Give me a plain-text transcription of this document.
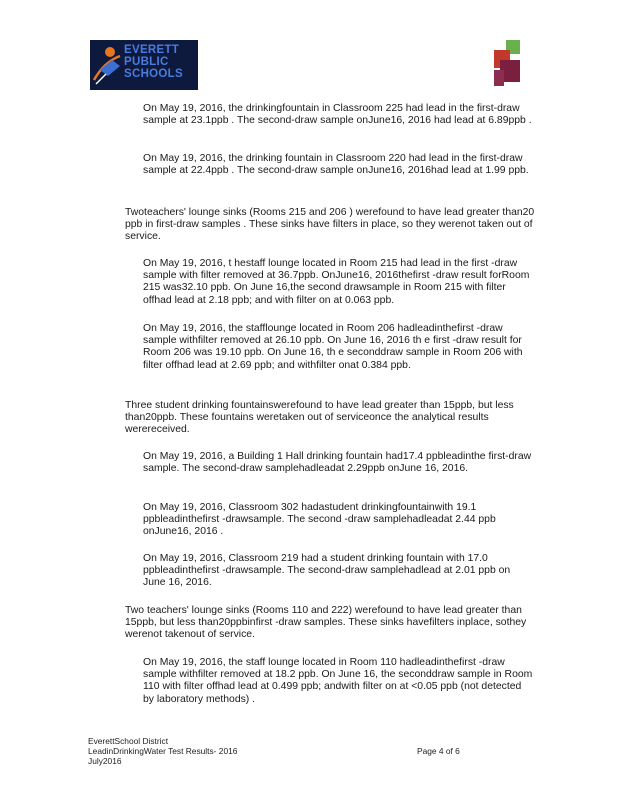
EVERETT
PUBLIC
SCHOOLS
On May 19, 2016, the drinkingfountain in Classroom 225 had lead in the first-draw sample at 23.1ppb . The second-draw sample onJune16, 2016 had lead at 6.89ppb .
On May 19, 2016, the drinking fountain in Classroom 220 had lead in the first-draw sample at 22.4ppb . The second-draw sample onJune16, 2016had lead at 1.99 ppb.
Twoteachers' lounge sinks (Rooms 215 and 206 ) werefound to have lead greater than20 ppb in first-draw samples . These sinks have filters in place, so they werenot taken out of service.
On May 19, 2016, t hestaff lounge located in Room 215 had lead in the first -draw sample with filter removed at 36.7ppb. OnJune16, 2016thefirst -draw result forRoom 215 was32.10 ppb. On June 16,the second drawsample in Room 215 with filter offhad lead at 2.18 ppb; and with filter on at 0.063 ppb.
On May 19, 2016, the stafflounge located in Room 206 hadleadinthefirst -draw sample withfilter removed at 26.10 ppb. On June 16, 2016 th e first -draw result for Room 206 was 19.10 ppb. On June 16, th e seconddraw sample in Room 206 with filter offhad lead at 2.69 ppb; and withfilter onat 0.384 ppb.
Three student drinking fountainswerefound to have lead greater than 15ppb, but less than20ppb. These fountains weretaken out of serviceonce the analytical results werereceived.
On May 19, 2016, a Building 1 Hall drinking fountain had17.4 ppbleadinthe first-draw sample. The second-draw samplehadleadat 2.29ppb onJune 16, 2016.
On May 19, 2016, Classroom 302 hadastudent drinkingfountainwith 19.1 ppbleadinthefirst -drawsample. The second -draw samplehadleadat 2.44 ppb onJune16, 2016 .
On May 19, 2016, Classroom 219 had a student drinking fountain with 17.0 ppbleadinthefirst -drawsample. The second-draw samplehadlead at 2.01 ppb on June 16, 2016.
Two teachers' lounge sinks (Rooms 110 and 222) werefound to have lead greater than 15ppb, but less than20ppbinfirst -draw samples. These sinks havefilters inplace, sothey werenot takenout of service.
On May 19, 2016, the staff lounge located in Room 110 hadleadinthefirst -draw sample withfilter removed at 18.2 ppb. On June 16, the seconddraw sample in Room 110 with filter offhad lead at 0.499 ppb; andwith filter on at <0.05 ppb (not detected by laboratory methods) .
EverettSchool District
LeadinDrinkingWater Test Results- 2016
July2016
Page 4 of 6
